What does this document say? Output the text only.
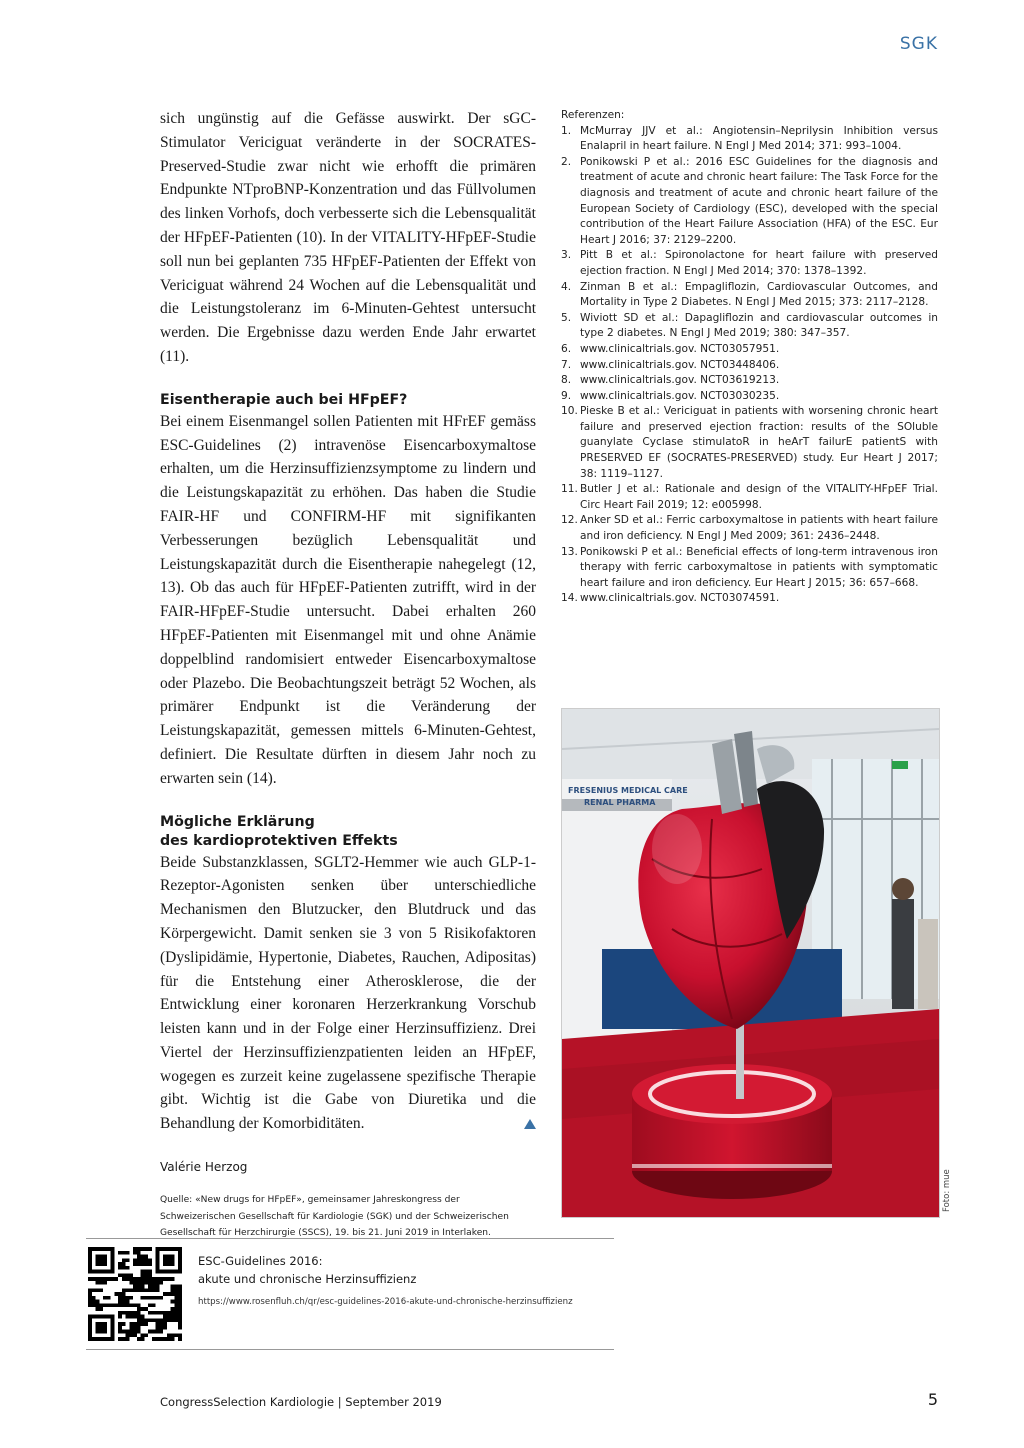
SGK

sich ungünstig auf die Gefässe auswirkt. Der sGC-Stimulator Vericiguat veränderte in der SOCRATES-Preserved-Studie zwar nicht wie erhofft die primären Endpunkte NTproBNP-Konzentration und das Füllvolumen des linken Vorhofs, doch verbesserte sich die Lebensqualität der HFpEF-Patienten (10). In der VITALITY-HFpEF-Studie soll nun bei geplanten 735 HFpEF-Patienten der Effekt von Vericiguat während 24 Wochen auf die Lebensqualität und die Leistungstoleranz im 6-Minuten-Gehtest untersucht werden. Die Ergebnisse dazu werden Ende Jahr erwartet (11).

Eisentherapie auch bei HFpEF?

Bei einem Eisenmangel sollen Patienten mit HFrEF gemäss ESC-Guidelines (2) intravenöse Eisencarboxymaltose erhalten, um die Herzinsuffizienzsymptome zu lindern und die Leistungskapazität zu erhöhen. Das haben die Studie FAIR-HF und CONFIRM-HF mit signifikanten Verbesserungen bezüglich Lebensqualität und Leistungskapazität durch die Eisentherapie nahegelegt (12, 13). Ob das auch für HFpEF-Patienten zutrifft, wird in der FAIR-HFpEF-Studie untersucht. Dabei erhalten 260 HFpEF-Patienten mit Eisenmangel mit und ohne Anämie doppelblind randomisiert entweder Eisencarboxymaltose oder Plazebo. Die Beobachtungszeit beträgt 52 Wochen, als primärer Endpunkt ist die Veränderung der Leistungskapazität, gemessen mittels 6-Minuten-Gehtest, definiert. Die Resultate dürften in diesem Jahr noch zu erwarten sein (14).

Mögliche Erklärung

des kardioprotektiven Effekts

Beide Substanzklassen, SGLT2-Hemmer wie auch GLP-1-Rezeptor-Agonisten senken über unterschiedliche Mechanismen den Blutzucker, den Blutdruck und das Körpergewicht. Damit senken sie 3 von 5 Risikofaktoren (Dyslipidämie, Hypertonie, Diabetes, Rauchen, Adipositas) für die Entstehung einer Atherosklerose, die der Entwicklung einer koronaren Herzerkrankung Vorschub leisten kann und in der Folge einer Herzinsuffizienz. Drei Viertel der Herzinsuffizienzpatienten leiden an HFpEF, wogegen es zurzeit keine zugelassene spezifische Therapie gibt. Wichtig ist die Gabe von Diuretika und die Behandlung der Komorbiditäten.

Valérie Herzog
Quelle: «New drugs for HFpEF», gemeinsamer Jahreskongress der Schweizerischen Gesellschaft für Kardiologie (SGK) und der Schweizerischen Gesellschaft für Herzchirurgie (SSCS), 19. bis 21. Juni 2019 in Interlaken.
Referenzen:
1. McMurray JJV et al.: Angiotensin–Neprilysin Inhibition versus Enalapril in heart failure. N Engl J Med 2014; 371: 993–1004.
2. Ponikowski P et al.: 2016 ESC Guidelines for the diagnosis and treatment of acute and chronic heart failure: The Task Force for the diagnosis and treatment of acute and chronic heart failure of the European Society of Cardiology (ESC), developed with the special contribution of the Heart Failure Association (HFA) of the ESC. Eur Heart J 2016; 37: 2129–2200.
3. Pitt B et al.: Spironolactone for heart failure with preserved ejection fraction. N Engl J Med 2014; 370: 1378–1392.
4. Zinman B et al.: Empagliflozin, Cardiovascular Outcomes, and Mortality in Type 2 Diabetes. N Engl J Med 2015; 373: 2117–2128.
5. Wiviott SD et al.: Dapagliflozin and cardiovascular outcomes in type 2 diabetes. N Engl J Med 2019; 380: 347–357.
6. www.clinicaltrials.gov. NCT03057951.
7. www.clinicaltrials.gov. NCT03448406.
8. www.clinicaltrials.gov. NCT03619213.
9. www.clinicaltrials.gov. NCT03030235.
10. Pieske B et al.: Vericiguat in patients with worsening chronic heart failure and preserved ejection fraction: results of the SOluble guanylate Cyclase stimulatoR in heArT failurE patientS with PRESERVED EF (SOCRATES-PRESERVED) study. Eur Heart J 2017; 38: 1119–1127.
11. Butler J et al.: Rationale and design of the VITALITY-HFpEF Trial. Circ Heart Fail 2019; 12: e005998.
12. Anker SD et al.: Ferric carboxymaltose in patients with heart failure and iron deficiency. N Engl J Med 2009; 361: 2436–2448.
13. Ponikowski P et al.: Beneficial effects of long-term intravenous iron therapy with ferric carboxymaltose in patients with symptomatic heart failure and iron deficiency. Eur Heart J 2015; 36: 657–668.
14. www.clinicaltrials.gov. NCT03074591.
FRESENIUS MEDICAL CARE
RENAL PHARMA
Foto: mue
ESC-Guidelines 2016:
akute und chronische Herzinsuffizienz
https://www.rosenfluh.ch/qr/esc-guidelines-2016-akute-und-chronische-herzinsuffizienz
CongressSelection Kardiologie | September 2019	5
